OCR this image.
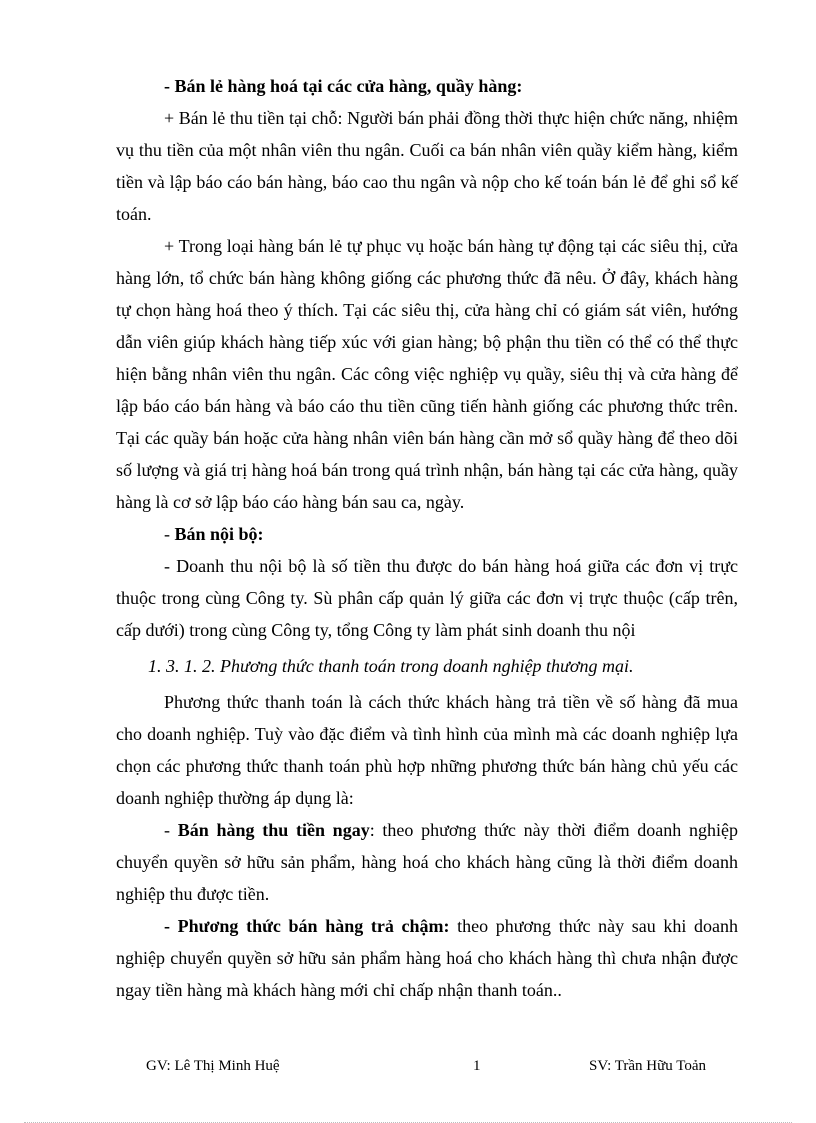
- Bán lẻ hàng hoá tại các cửa hàng, quầy hàng:

+ Bán lẻ thu tiền tại chỗ: Người bán phải đồng thời thực hiện chức năng, nhiệm vụ thu tiền của một nhân viên thu ngân. Cuối ca bán nhân viên quầy kiểm hàng, kiểm tiền và lập báo cáo bán hàng, báo cao thu ngân và nộp cho kế toán bán lẻ để ghi sổ kế toán.

+ Trong loại hàng bán lẻ tự phục vụ hoặc bán hàng tự động tại các siêu thị, cửa hàng lớn, tổ chức bán hàng không giống các phương thức đã nêu. Ở đây, khách hàng tự chọn hàng hoá theo ý thích. Tại các siêu thị, cửa hàng chỉ có giám sát viên, hướng dẫn viên giúp khách hàng tiếp xúc với gian hàng; bộ phận thu tiền có thể có thể thực hiện bằng nhân viên thu ngân. Các công việc nghiệp vụ quầy, siêu thị và cửa hàng để lập báo cáo bán hàng và báo cáo thu tiền cũng tiến hành giống các phương thức trên. Tại các quầy bán hoặc cửa hàng nhân viên bán hàng cần mở sổ quầy hàng để theo dõi số lượng và giá trị hàng hoá bán trong quá trình nhận, bán hàng tại các cửa hàng, quầy hàng là cơ sở lập báo cáo hàng bán sau ca, ngày.

- Bán nội bộ:

- Doanh thu nội bộ là số tiền thu được do bán hàng hoá giữa các đơn vị trực thuộc trong cùng Công ty. Sù phân cấp quản lý giữa các đơn vị trực thuộc (cấp trên, cấp dưới) trong cùng Công ty, tổng Công ty làm phát sinh doanh thu nội

1. 3. 1. 2. Phương thức thanh toán trong doanh nghiệp thương mại.

Phương thức thanh toán là cách thức khách hàng trả tiền về số hàng đã mua cho doanh nghiệp. Tuỳ vào đặc điểm và tình hình của mình mà các doanh nghiệp lựa chọn các phương thức thanh toán phù hợp những phương thức bán hàng chủ yếu các doanh nghiệp thường áp dụng là:

- Bán hàng thu tiền ngay: theo phương thức này thời điểm doanh nghiệp chuyển quyền sở hữu sản phẩm, hàng hoá cho khách hàng cũng là thời điểm doanh nghiệp thu được tiền.

- Phương thức bán hàng trả chậm: theo phương thức này sau khi doanh nghiệp chuyển quyền sở hữu sản phẩm hàng hoá cho khách hàng thì chưa nhận được ngay tiền hàng mà khách hàng mới chỉ chấp nhận thanh toán..

GV: Lê Thị Minh Huệ	1	SV: Trần Hữu Toản
